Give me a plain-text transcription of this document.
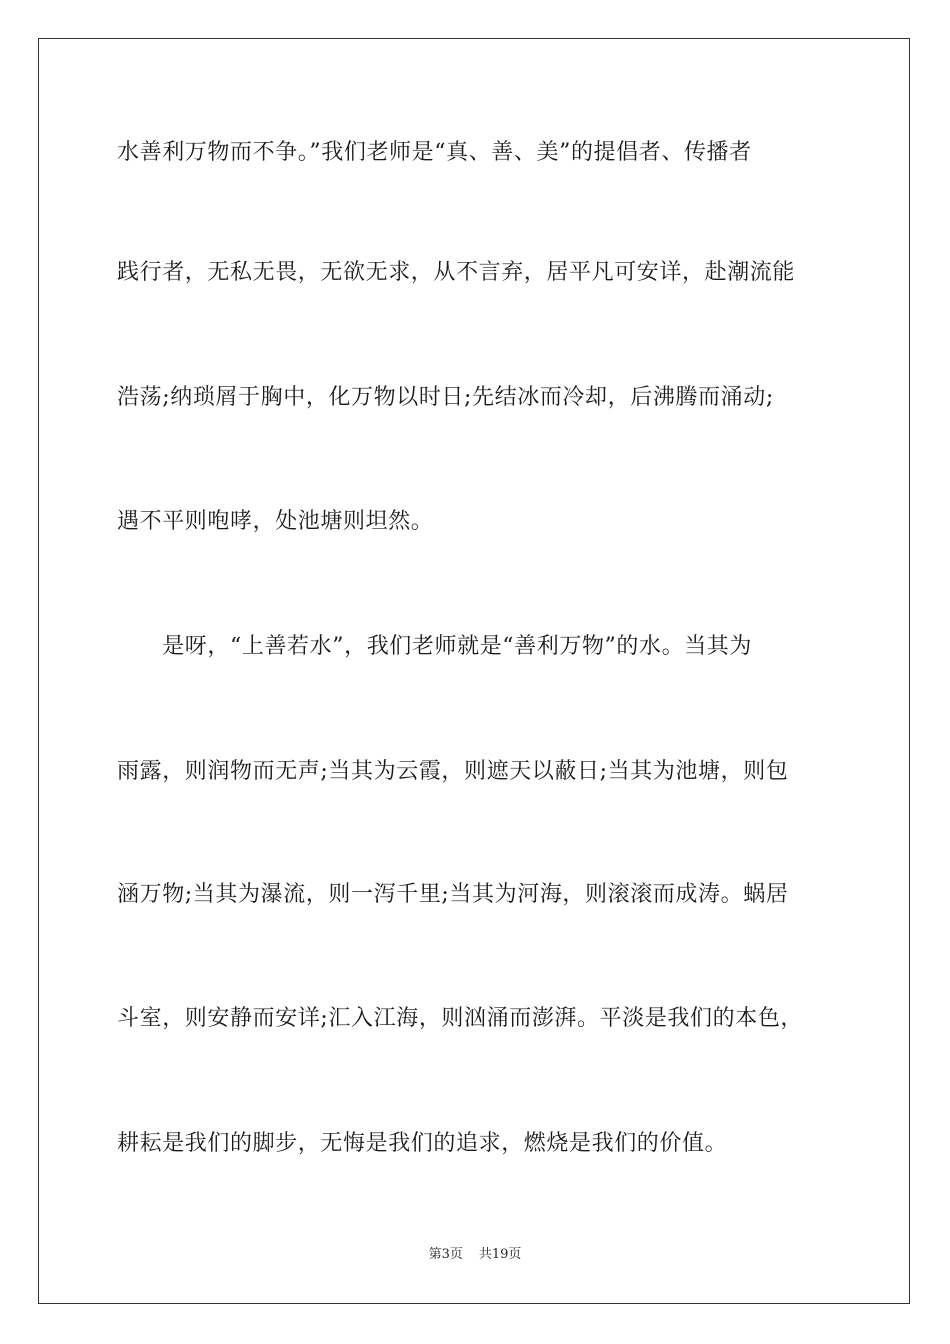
水善利万物而不争。”我们老师是“真、善、美”的提倡者、传播者
践行者，无私无畏，无欲无求，从不言弃，居平凡可安详，赴潮流能
浩荡;纳琐屑于胸中，化万物以时日;先结冰而冷却，后沸腾而涌动;
遇不平则咆哮，处池塘则坦然。
　　是呀，“上善若水”，我们老师就是“善利万物”的水。当其为
雨露，则润物而无声;当其为云霞，则遮天以蔽日;当其为池塘，则包
涵万物;当其为瀑流，则一泻千里;当其为河海，则滚滚而成涛。蜗居
斗室，则安静而安详;汇入江海，则汹涌而澎湃。平淡是我们的本色，
耕耘是我们的脚步，无悔是我们的追求，燃烧是我们的价值。
第3页 共19页
